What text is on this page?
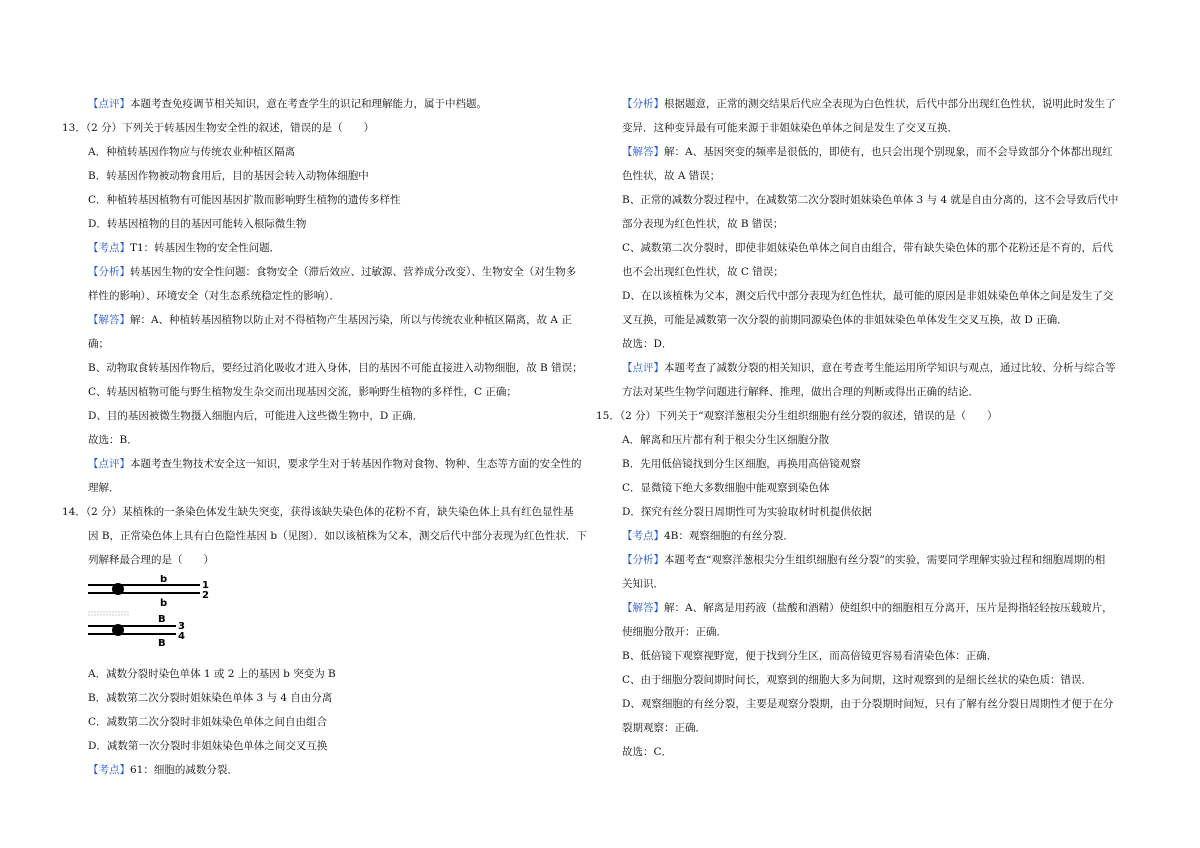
【点评】本题考查免疫调节相关知识，意在考查学生的识记和理解能力，属于中档题。
13．（2 分）下列关于转基因生物安全性的叙述，错误的是（　　）
A．种植转基因作物应与传统农业种植区隔离
B．转基因作物被动物食用后，目的基因会转入动物体细胞中
C．种植转基因植物有可能因基因扩散而影响野生植物的遗传多样性
D．转基因植物的目的基因可能转入根际微生物
【考点】T1：转基因生物的安全性问题．
【分析】转基因生物的安全性问题：食物安全（滞后效应、过敏源、营养成分改变）、生物安全（对生物多
样性的影响）、环境安全（对生态系统稳定性的影响）．
【解答】解：A、种植转基因植物以防止对不得植物产生基因污染，所以与传统农业种植区隔离，故 A 正
确；
B、动物取食转基因作物后，要经过消化吸收才进入身体，目的基因不可能直接进入动物细胞，故 B 错误；
C、转基因植物可能与野生植物发生杂交而出现基因交流，影响野生植物的多样性，C 正确；
D、目的基因被微生物摄入细胞内后，可能进入这些微生物中，D 正确．
故选：B．
【点评】本题考查生物技术安全这一知识，要求学生对于转基因作物对食物、物种、生态等方面的安全性的
理解．
14．（2 分）某植株的一条染色体发生缺失突变，获得该缺失染色体的花粉不育，缺失染色体上具有红色显性基
因 B，正常染色体上具有白色隐性基因 b（见图）．如以该植株为父本，测交后代中部分表现为红色性状．下
列解释最合理的是（　　）
b
b
1
2
B
B
3
4
A．减数分裂时染色单体 1 或 2 上的基因 b 突变为 B
B．减数第二次分裂时姐妹染色单体 3 与 4 自由分离
C．减数第二次分裂时非姐妹染色单体之间自由组合
D．减数第一次分裂时非姐妹染色单体之间交叉互换
【考点】61：细胞的减数分裂．
【分析】根据题意，正常的测交结果后代应全表现为白色性状，后代中部分出现红色性状，说明此时发生了
变异．这种变异最有可能来源于非姐妹染色单体之间是发生了交叉互换．
【解答】解：A、基因突变的频率是很低的，即使有，也只会出现个别现象，而不会导致部分个体都出现红
色性状，故 A 错误；
B、正常的减数分裂过程中，在减数第二次分裂时姐妹染色单体 3 与 4 就是自由分离的，这不会导致后代中
部分表现为红色性状，故 B 错误；
C、减数第二次分裂时，即使非姐妹染色单体之间自由组合，带有缺失染色体的那个花粉还是不育的，后代
也不会出现红色性状，故 C 错误；
D、在以该植株为父本，测交后代中部分表现为红色性状，最可能的原因是非姐妹染色单体之间是发生了交
叉互换，可能是减数第一次分裂的前期同源染色体的非姐妹染色单体发生交叉互换，故 D 正确．
故选：D．
【点评】本题考查了减数分裂的相关知识，意在考查考生能运用所学知识与观点，通过比较、分析与综合等
方法对某些生物学问题进行解释、推理，做出合理的判断或得出正确的结论．
15．（2 分）下列关于“观察洋葱根尖分生组织细胞有丝分裂的叙述，错误的是（　　）
A．解离和压片都有利于根尖分生区细胞分散
B．先用低倍镜找到分生区细胞，再换用高倍镜观察
C．显微镜下绝大多数细胞中能观察到染色体
D．探究有丝分裂日周期性可为实验取材时机提供依据
【考点】4B：观察细胞的有丝分裂．
【分析】本题考查“观察洋葱根尖分生组织细胞有丝分裂”的实验，需要同学理解实验过程和细胞周期的相
关知识．
【解答】解：A、解离是用药液（盐酸和酒精）使组织中的细胞相互分离开，压片是拇指轻轻按压载玻片，
使细胞分散开：正确．
B、低倍镜下观察视野宽，便于找到分生区，而高倍镜更容易看清染色体：正确．
C、由于细胞分裂间期时间长，观察到的细胞大多为间期，这时观察到的是细长丝状的染色质：错误．
D、观察细胞的有丝分裂，主要是观察分裂期，由于分裂期时间短，只有了解有丝分裂日周期性才便于在分
裂期观察：正确．
故选：C．
